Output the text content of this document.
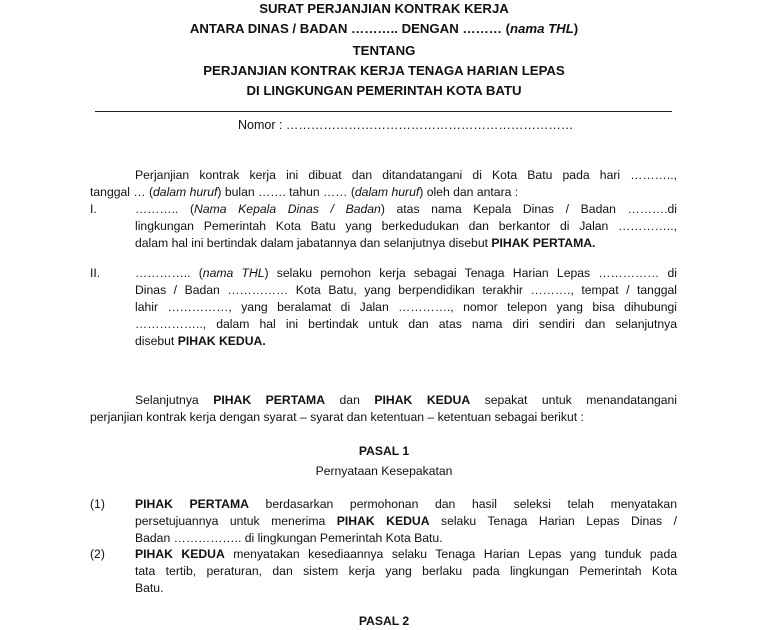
SURAT PERJANJIAN KONTRAK KERJA
ANTARA DINAS / BADAN ……….. DENGAN ……… (nama THL)
TENTANG
PERJANJIAN KONTRAK KERJA TENAGA HARIAN LEPAS
DI LINGKUNGAN PEMERINTAH KOTA BATU
Nomor : ……………………………………………………………
Perjanjian kontrak kerja ini dibuat dan ditandatangani di Kota Batu pada hari ………..,
tanggal … (dalam huruf) bulan ……. tahun …… (dalam huruf) oleh dan antara :
I.	……….. (Nama Kepala Dinas / Badan) atas nama Kepala Dinas / Badan ……….di
lingkungan Pemerintah Kota Batu yang berkedudukan dan berkantor di Jalan …………..,
dalam hal ini bertindak dalam jabatannya dan selanjutnya disebut PIHAK PERTAMA.
II.	………….. (nama THL) selaku pemohon kerja sebagai Tenaga Harian Lepas …………… di
Dinas / Badan …………… Kota Batu, yang berpendidikan terakhir ………., tempat / tanggal
lahir ……………, yang beralamat di Jalan …………., nomor telepon yang bisa dihubungi
…………….., dalam hal ini bertindak untuk dan atas nama diri sendiri dan selanjutnya
disebut PIHAK KEDUA.
Selanjutnya PIHAK PERTAMA dan PIHAK KEDUA sepakat untuk menandatangani
perjanjian kontrak kerja dengan syarat – syarat dan ketentuan – ketentuan sebagai berikut :
PASAL 1
Pernyataan Kesepakatan
(1)	PIHAK PERTAMA berdasarkan permohonan dan hasil seleksi telah menyatakan
persetujuannya untuk menerima PIHAK KEDUA selaku Tenaga Harian Lepas Dinas /
Badan …………….. di lingkungan Pemerintah Kota Batu.
(2)	PIHAK KEDUA menyatakan kesediaannya selaku Tenaga Harian Lepas yang tunduk pada
tata tertib, peraturan, dan sistem kerja yang berlaku pada lingkungan Pemerintah Kota
Batu.
PASAL 2
